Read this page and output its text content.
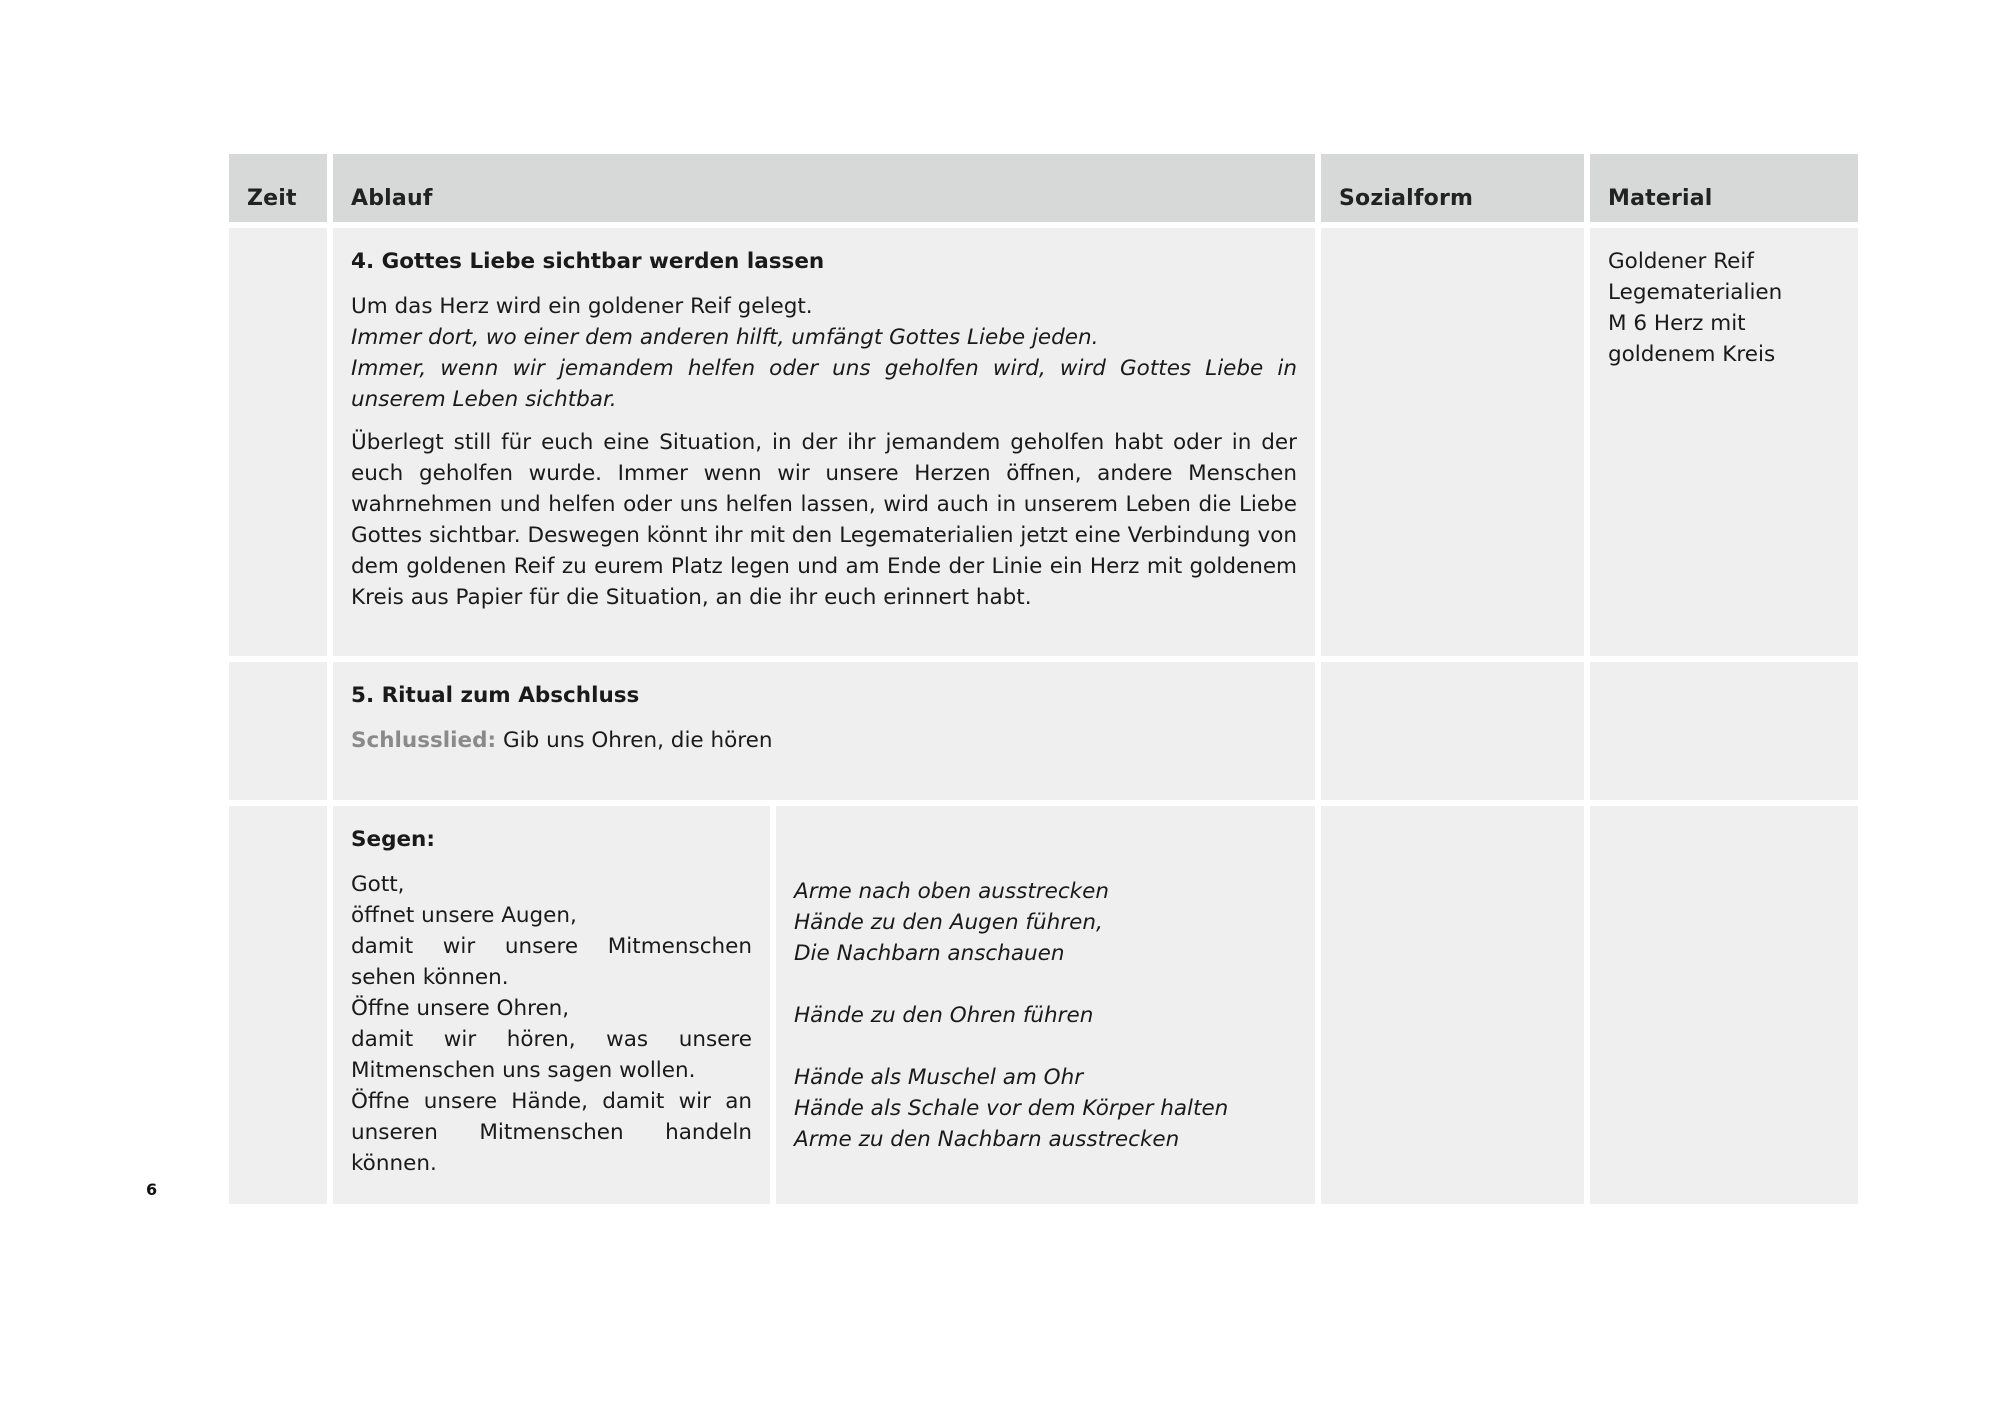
Zeit Ablauf	Sozialform	Material

4. Gottes Liebe sichtbar werden lassen

Um das Herz wird ein goldener Reif gelegt.

Immer dort, wo einer dem anderen hilft, umfängt Gottes Liebe jeden.

Immer, wenn wir jemandem helfen oder uns geholfen wird, wird Gottes Liebe in unserem Leben sichtbar.

Überlegt still für euch eine Situation, in der ihr jemandem geholfen habt oder in der euch geholfen wurde. Immer wenn wir unsere Herzen öffnen, andere Menschen wahrnehmen und helfen oder uns helfen lassen, wird auch in unserem Leben die Liebe Gottes sichtbar. Deswegen könnt ihr mit den Legematerialien jetzt eine Verbindung von dem goldenen Reif zu eurem Platz legen und am Ende der Linie ein Herz mit goldenem Kreis aus Papier für die Situation, an die ihr euch erinnert habt.

Goldener Reif

Legematerialien

M 6 Herz mit

goldenem Kreis

5. Ritual zum Abschluss

Schlusslied: Gib uns Ohren, die hören

Segen:

Gott,

öffnet unsere Augen,

damit wir unsere Mitmenschen sehen können.

Öffne unsere Ohren,

damit wir hören, was unsere Mitmenschen uns sagen wollen.

Öffne unsere Hände, damit wir an unseren Mitmenschen handeln können.

Arme nach oben ausstrecken

Hände zu den Augen führen,

Die Nachbarn anschauen

Hände zu den Ohren führen

Hände als Muschel am Ohr

Hände als Schale vor dem Körper halten

Arme zu den Nachbarn ausstrecken

6
